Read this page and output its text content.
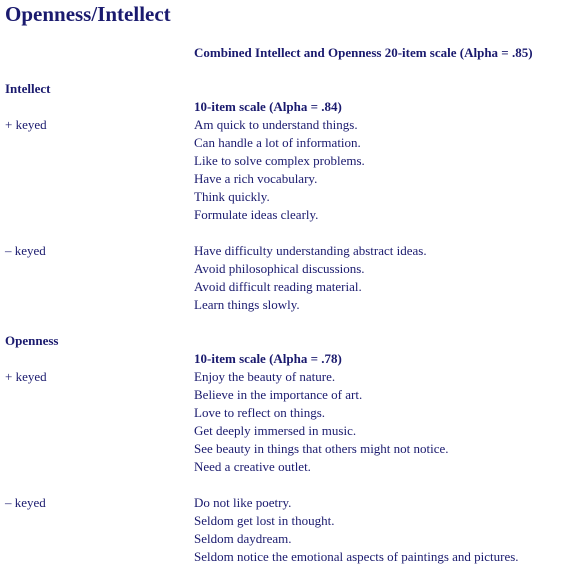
Openness/Intellect
Combined Intellect and Openness 20-item scale (Alpha = .85)
Intellect
10-item scale (Alpha = .84)
+ keyed	Am quick to understand things.
Can handle a lot of information.
Like to solve complex problems.
Have a rich vocabulary.
Think quickly.
Formulate ideas clearly.
– keyed	Have difficulty understanding abstract ideas.
Avoid philosophical discussions.
Avoid difficult reading material.
Learn things slowly.
Openness
10-item scale (Alpha = .78)
+ keyed	Enjoy the beauty of nature.
Believe in the importance of art.
Love to reflect on things.
Get deeply immersed in music.
See beauty in things that others might not notice.
Need a creative outlet.
– keyed	Do not like poetry.
Seldom get lost in thought.
Seldom daydream.
Seldom notice the emotional aspects of paintings and pictures.
